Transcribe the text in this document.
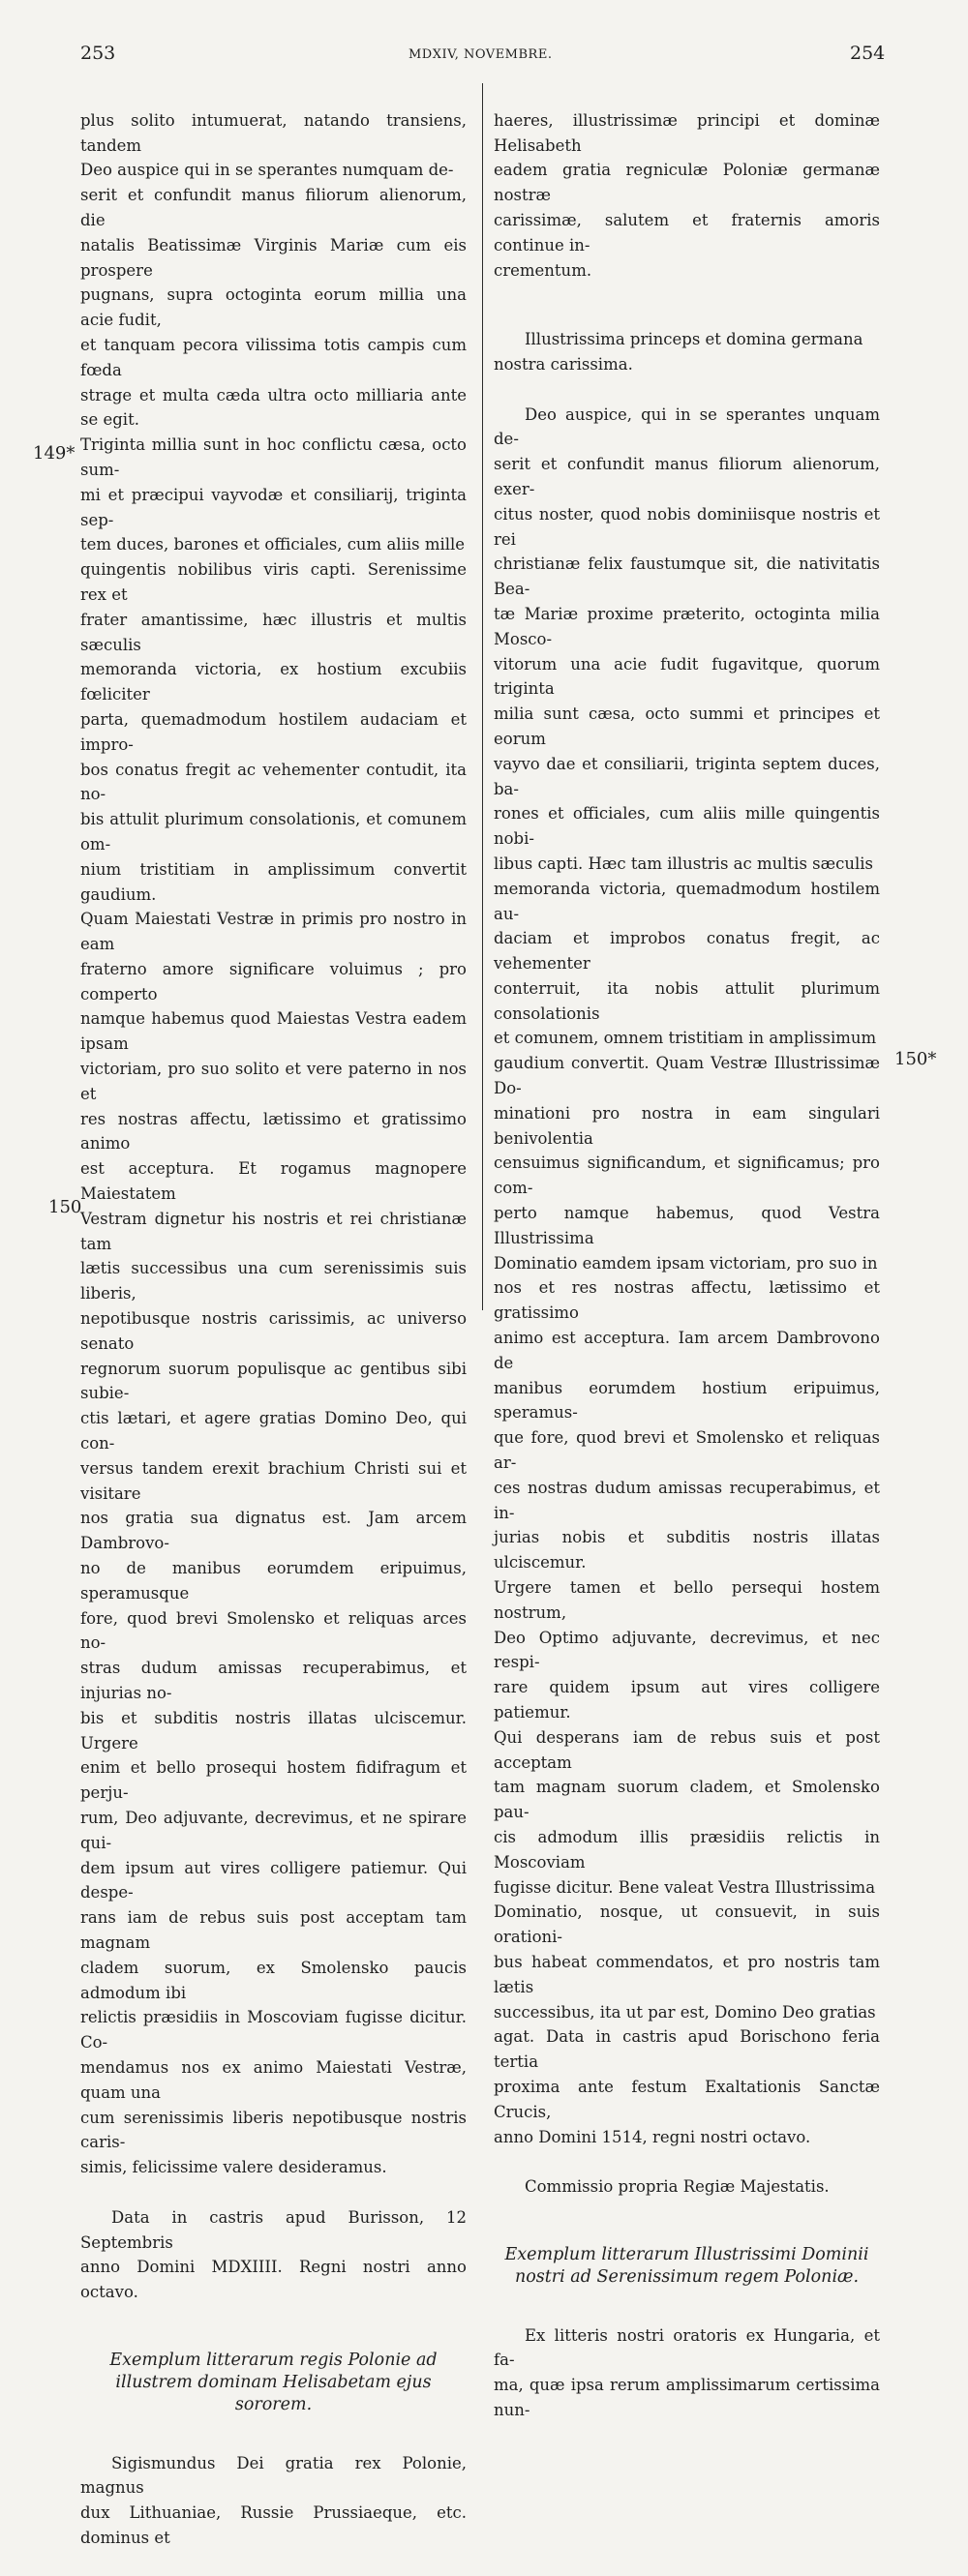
253	MDXIV, NOVEMBRE.	254

plus solito intumuerat, natando transiens, tandem
Deo auspice qui in se sperantes numquam de-
serit et confundit manus filiorum alienorum, die
natalis Beatissimæ Virginis Mariæ cum eis prospere
pugnans, supra octoginta eorum millia una acie fudit,
et tanquam pecora vilissima totis campis cum fœda
strage et multa cæda ultra octo milliaria ante se egit.
Triginta millia sunt in hoc conflictu cæsa, octo sum-
mi et præcipui vayvodæ et consiliarij, triginta sep-
tem duces, barones et officiales, cum aliis mille
quingentis nobilibus viris capti. Serenissime rex et
frater amantissime, hæc illustris et multis sæculis
memoranda victoria, ex hostium excubiis fœliciter
parta, quemadmodum hostilem audaciam et impro-
bos conatus fregit ac vehementer contudit, ita no-
bis attulit plurimum consolationis, et comunem om-
nium tristitiam in amplissimum convertit gaudium.
Quam Maiestati Vestræ in primis pro nostro in eam
fraterno amore significare voluimus ; pro comperto
namque habemus quod Maiestas Vestra eadem ipsam
victoriam, pro suo solito et vere paterno in nos et
res nostras affectu, lætissimo et gratissimo animo
est acceptura. Et rogamus magnopere Maiestatem
Vestram dignetur his nostris et rei christianæ tam
lætis successibus una cum serenissimis suis liberis,
nepotibusque nostris carissimis, ac universo senato
regnorum suorum populisque ac gentibus sibi subie-
ctis lætari, et agere gratias Domino Deo, qui con-
versus tandem erexit brachium Christi sui et visitare
nos gratia sua dignatus est. Jam arcem Dambrovo-
no de manibus eorumdem eripuimus, speramusque
fore, quod brevi Smolensko et reliquas arces no-
stras dudum amissas recuperabimus, et injurias no-
bis et subditis nostris illatas ulciscemur. Urgere
enim et bello prosequi hostem fidifragum et perju-
rum, Deo adjuvante, decrevimus, et ne spirare qui-
dem ipsum aut vires colligere patiemur. Qui despe-
rans iam de rebus suis post acceptam tam magnam
cladem suorum, ex Smolensko paucis admodum ibi
relictis præsidiis in Moscoviam fugisse dicitur. Co-
mendamus nos ex animo Maiestati Vestræ, quam una
cum serenissimis liberis nepotibusque nostris caris-
simis, felicissime valere desideramus.

Data in castris apud Burisson, 12 Septembris
anno Domini MDXIIII. Regni nostri anno octavo.

Exemplum litterarum regis Polonie ad
illustrem dominam Helisabetam ejus sororem.

Sigismundus Dei gratia rex Polonie, magnus
dux Lithuaniae, Russie Prussiaeque, etc. dominus et

haeres, illustrissimæ principi et dominæ Helisabeth
eadem gratia regniculæ Poloniæ germanæ nostræ
carissimæ, salutem et fraternis amoris continue in-
crementum.

Illustrissima princeps et domina germana
nostra carissima.

Deo auspice, qui in se sperantes unquam de-
serit et confundit manus filiorum alienorum, exer-
citus noster, quod nobis dominiisque nostris et rei
christianæ felix faustumque sit, die nativitatis Bea-
tæ Mariæ proxime præterito, octoginta milia Mosco-
vitorum una acie fudit fugavitque, quorum triginta
milia sunt cæsa, octo summi et principes et eorum
vayvo dae et consiliarii, triginta septem duces, ba-
rones et officiales, cum aliis mille quingentis nobi-
libus capti. Hæc tam illustris ac multis sæculis
memoranda victoria, quemadmodum hostilem au-
daciam et improbos conatus fregit, ac vehementer
conterruit, ita nobis attulit plurimum consolationis
et comunem, omnem tristitiam in amplissimum
gaudium convertit. Quam Vestræ Illustrissimæ Do-
minationi pro nostra in eam singulari benivolentia
censuimus significandum, et significamus; pro com-
perto namque habemus, quod Vestra Illustrissima
Dominatio eamdem ipsam victoriam, pro suo in
nos et res nostras affectu, lætissimo et gratissimo
animo est acceptura. Iam arcem Dambrovono de
manibus eorumdem hostium eripuimus, speramus-
que fore, quod brevi et Smolensko et reliquas ar-
ces nostras dudum amissas recuperabimus, et in-
jurias nobis et subditis nostris illatas ulciscemur.
Urgere tamen et bello persequi hostem nostrum,
Deo Optimo adjuvante, decrevimus, et nec respi-
rare quidem ipsum aut vires colligere patiemur.
Qui desperans iam de rebus suis et post acceptam
tam magnam suorum cladem, et Smolensko pau-
cis admodum illis præsidiis relictis in Moscoviam
fugisse dicitur. Bene valeat Vestra Illustrissima
Dominatio, nosque, ut consuevit, in suis orationi-
bus habeat commendatos, et pro nostris tam lætis
successibus, ita ut par est, Domino Deo gratias
agat. Data in castris apud Borischono feria tertia
proxima ante festum Exaltationis Sanctæ Crucis,
anno Domini 1514, regni nostri octavo.

Commissio propria Regiæ Majestatis.

Exemplum litterarum Illustrissimi Dominii
nostri ad Serenissimum regem Poloniæ.

Ex litteris nostri oratoris ex Hungaria, et fa-
ma, quæ ipsa rerum amplissimarum certissima nun-

149*
150
150*
